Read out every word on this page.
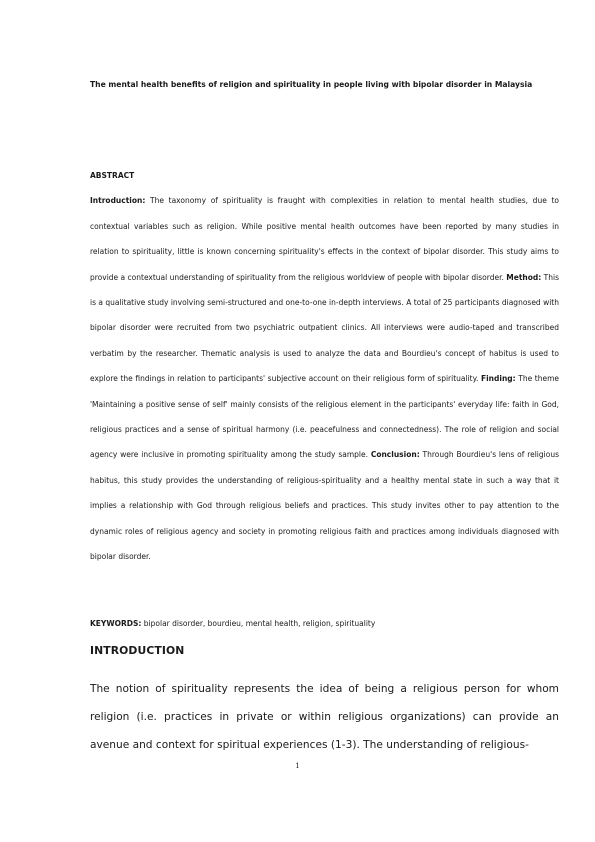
The mental health benefits of religion and spirituality in people living with bipolar disorder in Malaysia
ABSTRACT
Introduction: The taxonomy of spirituality is fraught with complexities in relation to mental health studies, due to contextual variables such as religion. While positive mental health outcomes have been reported by many studies in relation to spirituality, little is known concerning spirituality's effects in the context of bipolar disorder. This study aims to provide a contextual understanding of spirituality from the religious worldview of people with bipolar disorder. Method: This is a qualitative study involving semi-structured and one-to-one in-depth interviews. A total of 25 participants diagnosed with bipolar disorder were recruited from two psychiatric outpatient clinics. All interviews were audio-taped and transcribed verbatim by the researcher. Thematic analysis is used to analyze the data and Bourdieu's concept of habitus is used to explore the findings in relation to participants' subjective account on their religious form of spirituality. Finding: The theme 'Maintaining a positive sense of self' mainly consists of the religious element in the participants' everyday life: faith in God, religious practices and a sense of spiritual harmony (i.e. peacefulness and connectedness). The role of religion and social agency were inclusive in promoting spirituality among the study sample. Conclusion: Through Bourdieu's lens of religious habitus, this study provides the understanding of religious-spirituality and a healthy mental state in such a way that it implies a relationship with God through religious beliefs and practices. This study invites other to pay attention to the dynamic roles of religious agency and society in promoting religious faith and practices among individuals diagnosed with bipolar disorder.
KEYWORDS: bipolar disorder, bourdieu, mental health, religion, spirituality
INTRODUCTION
The notion of spirituality represents the idea of being a religious person for whom religion (i.e. practices in private or within religious organizations) can provide an avenue and context for spiritual experiences (1-3). The understanding of religious-
1
